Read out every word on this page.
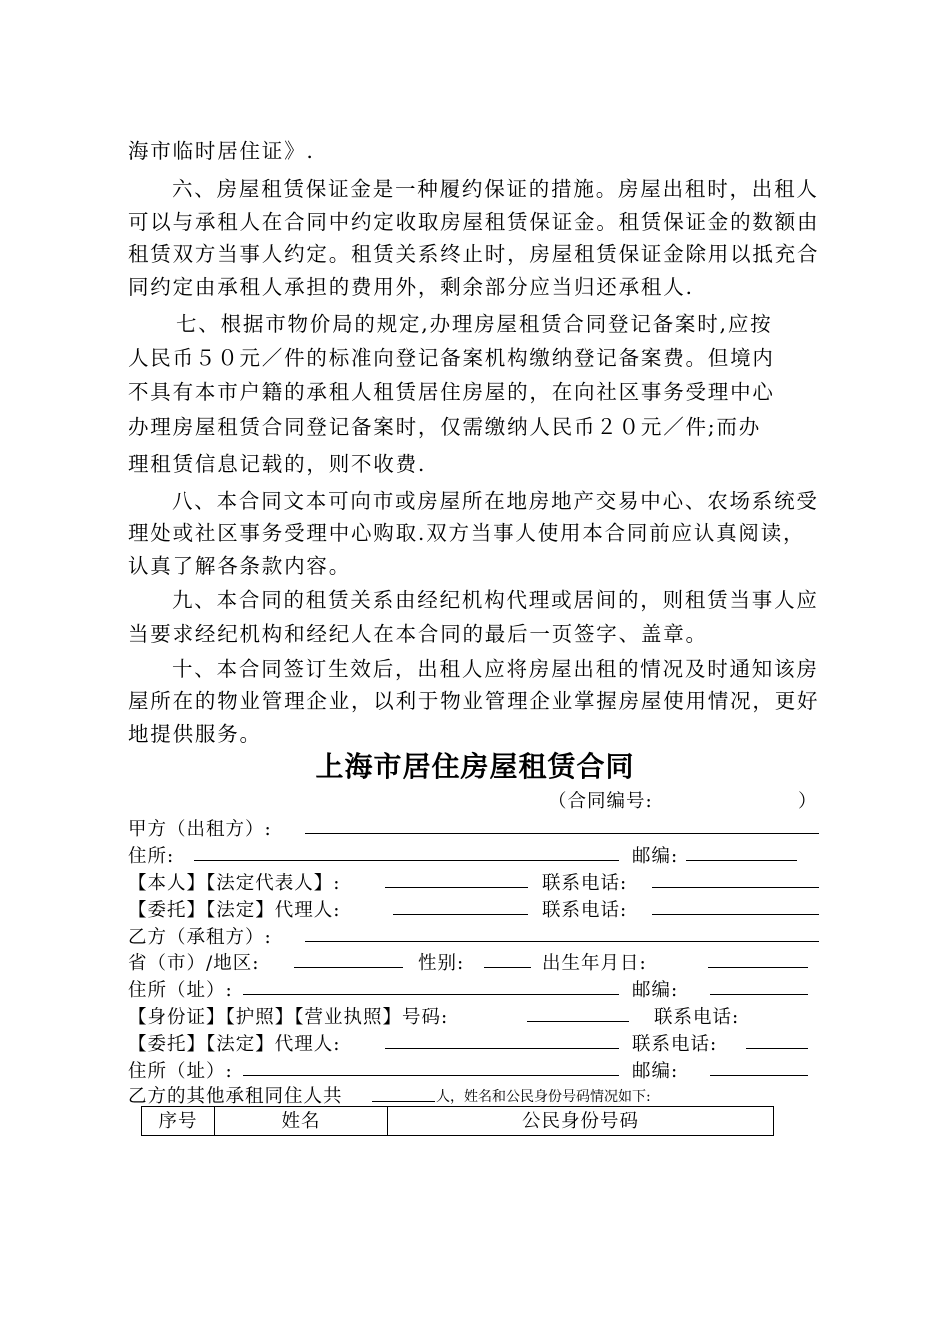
海市临时居住证》.
六、房屋租赁保证金是一种履约保证的措施。房屋出租时，出租人
可以与承租人在合同中约定收取房屋租赁保证金。租赁保证金的数额由
租赁双方当事人约定。租赁关系终止时，房屋租赁保证金除用以抵充合
同约定由承租人承担的费用外，剩余部分应当归还承租人.
七、根据市物价局的规定,办理房屋租赁合同登记备案时,应按
人民币５０元／件的标准向登记备案机构缴纳登记备案费。但境内
不具有本市户籍的承租人租赁居住房屋的，在向社区事务受理中心
办理房屋租赁合同登记备案时，仅需缴纳人民币２０元／件;而办
理租赁信息记载的，则不收费.
八、本合同文本可向市或房屋所在地房地产交易中心、农场系统受
理处或社区事务受理中心购取.双方当事人使用本合同前应认真阅读，
认真了解各条款内容。
九、本合同的租赁关系由经纪机构代理或居间的，则租赁当事人应
当要求经纪机构和经纪人在本合同的最后一页签字、盖章。
十、本合同签订生效后，出租人应将房屋出租的情况及时通知该房
屋所在的物业管理企业，以利于物业管理企业掌握房屋使用情况，更好
地提供服务。
上海市居住房屋租赁合同
（合同编号:	）
甲方（出租方）:
住所:	邮编:
【本人】【法定代表人】:	联系电话:
【委托】【法定】代理人:	联系电话:
乙方（承租方）:
省（市）/地区:	性别:	出生年月日:
住所（址）:	邮编:
【身份证】【护照】【营业执照】号码:	联系电话:
【委托】【法定】代理人:	联系电话:
住所（址）:	邮编:
乙方的其他承租同住人共	人，姓名和公民身份号码情况如下:
序号	姓名	公民身份号码
